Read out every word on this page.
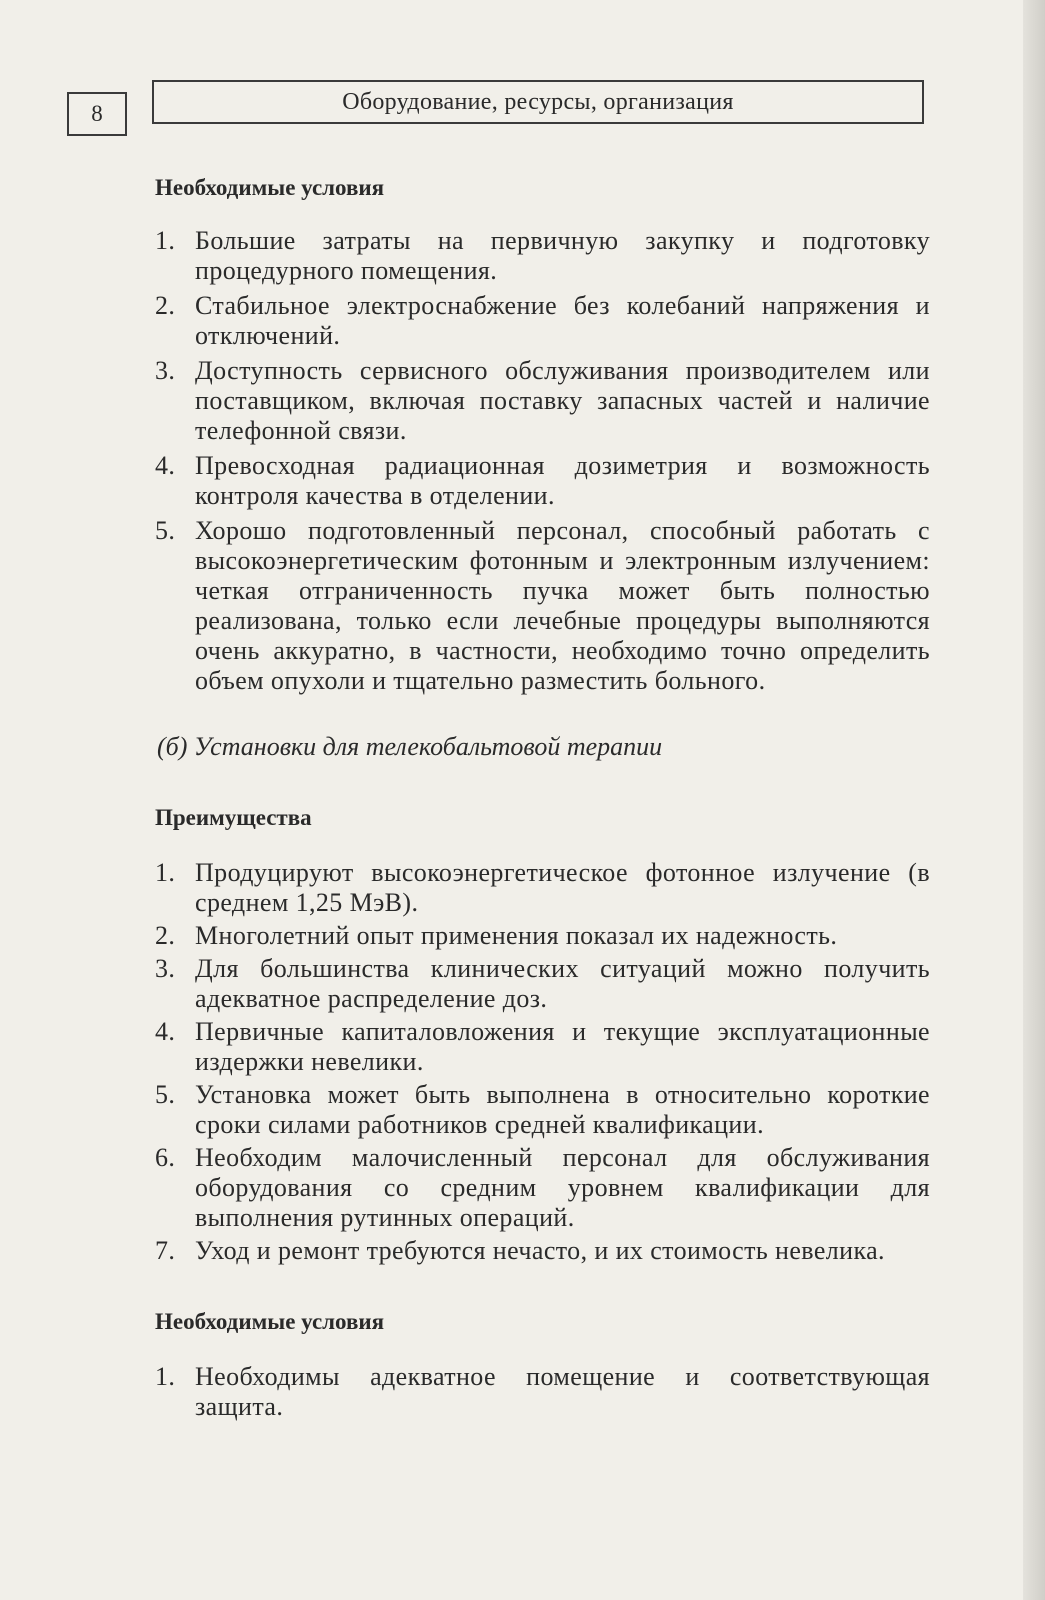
8	Оборудование, ресурсы, организация
Необходимые условия
1. Большие затраты на первичную закупку и подготовку процедурного помещения.
2. Стабильное электроснабжение без колебаний напряжения и отключений.
3. Доступность сервисного обслуживания производителем или поставщиком, включая поставку запасных частей и наличие телефонной связи.
4. Превосходная радиационная дозиметрия и возможность контроля качества в отделении.
5. Хорошо подготовленный персонал, способный работать с высокоэнергетическим фотонным и электронным излучением: четкая отграниченность пучка может быть полностью реализована, только если лечебные процедуры выполняются очень аккуратно, в частности, необходимо точно определить объем опухоли и тщательно разместить больного.
(б) Установки для телекобальтовой терапии
Преимущества
1. Продуцируют высокоэнергетическое фотонное излучение (в среднем 1,25 МэВ).
2. Многолетний опыт применения показал их надежность.
3. Для большинства клинических ситуаций можно получить адекватное распределение доз.
4. Первичные капиталовложения и текущие эксплуатационные издержки невелики.
5. Установка может быть выполнена в относительно короткие сроки силами работников средней квалификации.
6. Необходим малочисленный персонал для обслуживания оборудования со средним уровнем квалификации для выполнения рутинных операций.
7. Уход и ремонт требуются нечасто, и их стоимость невелика.
Необходимые условия
1. Необходимы адекватное помещение и соответствующая защита.
